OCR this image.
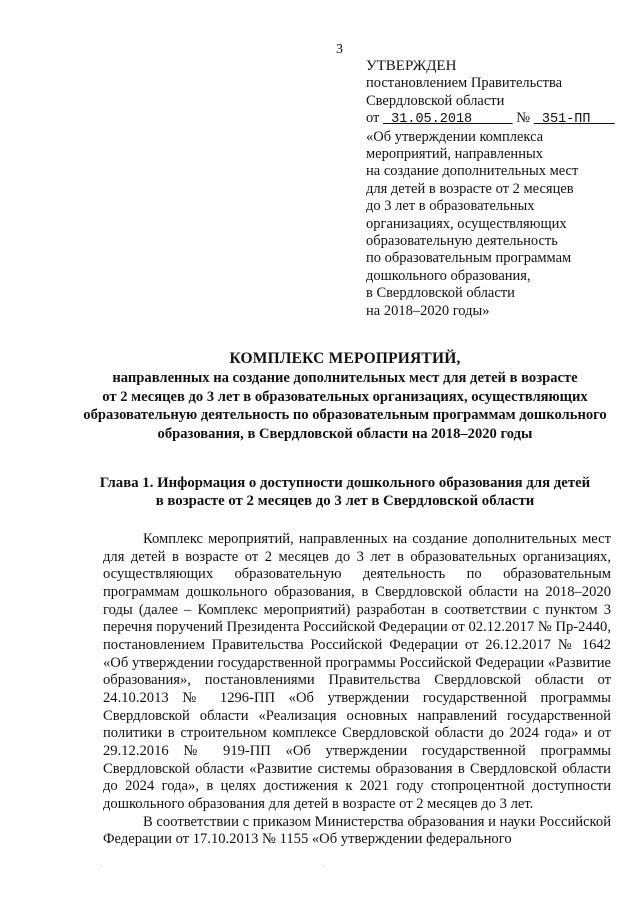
3
УТВЕРЖДЕН
постановлением Правительства
Свердловской области
от 31.05.2018	№ 351-ПП
«Об утверждении комплекса
мероприятий, направленных
на создание дополнительных мест
для детей в возрасте от 2 месяцев
до 3 лет в образовательных
организациях, осуществляющих
образовательную деятельность
по образовательным программам
дошкольного образования,
в Свердловской области
на 2018–2020 годы»
КОМПЛЕКС МЕРОПРИЯТИЙ,
направленных на создание дополнительных мест для детей в возрасте
от 2 месяцев до 3 лет в образовательных организациях, осуществляющих
образовательную деятельность по образовательным программам дошкольного
образования, в Свердловской области на 2018–2020 годы
Глава 1. Информация о доступности дошкольного образования для детей
в возрасте от 2 месяцев до 3 лет в Свердловской области

Комплекс мероприятий, направленных на создание дополнительных мест для детей в возрасте от 2 месяцев до 3 лет в образовательных организациях, осуществляющих образовательную деятельность по образовательным программам дошкольного образования, в Свердловской области на 2018–2020 годы (далее – Комплекс мероприятий) разработан в соответствии с пунктом 3 перечня поручений Президента Российской Федерации от 02.12.2017 № Пр-2440, постановлением Правительства Российской Федерации от 26.12.2017 № 1642 «Об утверждении государственной программы Российской Федерации «Развитие образования», постановлениями Правительства Свердловской области от 24.10.2013 № 1296-ПП «Об утверждении государственной программы Свердловской области «Реализация основных направлений государственной политики в строительном комплексе Свердловской области до 2024 года» и от 29.12.2016 № 919-ПП «Об утверждении государственной программы Свердловской области «Развитие системы образования в Свердловской области до 2024 года», в целях достижения к 2021 году стопроцентной доступности дошкольного образования для детей в возрасте от 2 месяцев до 3 лет.

В соответствии с приказом Министерства образования и науки Российской Федерации от 17.10.2013 № 1155 «Об утверждении федерального

·	·
